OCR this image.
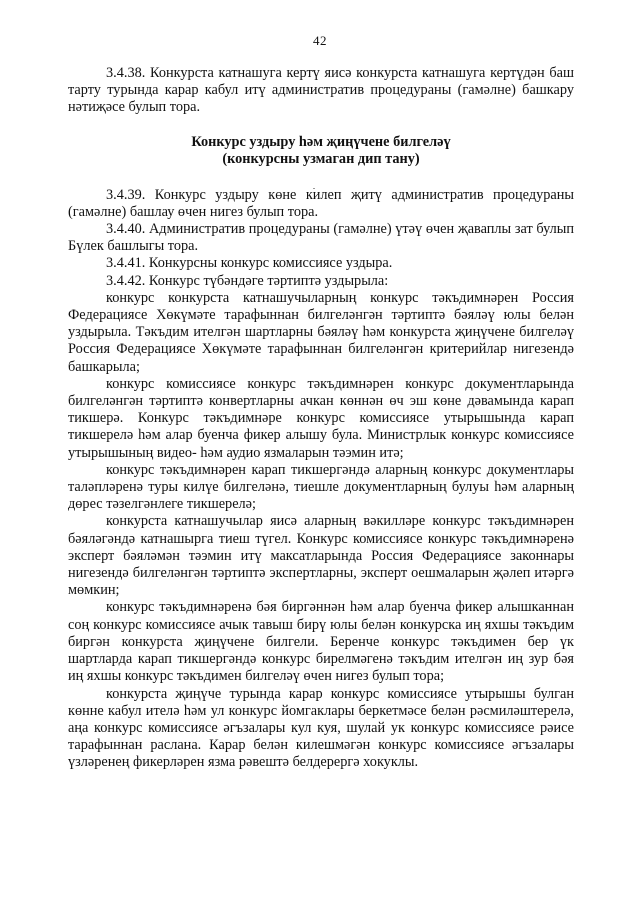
42

3.4.38. Конкурста катнашуга кертү яисә конкурста катнашуга кертүдән баш тарту турында карар кабул итү административ процедураны (гамәлне) башкару нәтиҗәсе булып тора.

Конкурс уздыру һәм җиңүчене билгеләү
(конкурсны узмаган дип тану)

3.4.39. Конкурс уздыру көне килеп җитү административ процедураны (гамәлне) башлау өчен нигез булып тора.

3.4.40. Административ процедураны (гамәлне) үтәү өчен җаваплы зат булып Бүлек башлыгы тора.

3.4.41. Конкурсны конкурс комиссиясе уздыра.

3.4.42. Конкурс түбәндәге тәртиптә уздырыла:

конкурс конкурста катнашучыларның конкурс тәкъдимнәрен Россия Федерациясе Хөкүмәте тарафыннан билгеләнгән тәртиптә бәяләү юлы белән уздырыла. Тәкъдим ителгән шартларны бәяләү һәм конкурста җиңүчене билгеләү Россия Федерациясе Хөкүмәте тарафыннан билгеләнгән критерийлар нигезендә башкарыла;

конкурс комиссиясе конкурс тәкъдимнәрен конкурс документларында билгеләнгән тәртиптә конвертларны ачкан көннән өч эш көне дәвамында карап тикшерә. Конкурс тәкъдимнәре конкурс комиссиясе утырышында карап тикшерелә һәм алар буенча фикер алышу була. Министрлык конкурс комиссиясе утырышының видео- һәм аудио язмаларын тәэмин итә;

конкурс тәкъдимнәрен карап тикшергәндә аларның конкурс документлары таләпләренә туры килүе билгеләнә, тиешле документларның булуы һәм аларның дөрес тәзелгәнлеге тикшерелә;

конкурста катнашучылар яисә аларның вәкилләре конкурс тәкъдимнәрен бәяләгәндә катнашырга тиеш түгел. Конкурс комиссиясе конкурс тәкъдимнәренә эксперт бәяләмән тәэмин итү максатларында Россия Федерациясе законнары нигезендә билгеләнгән тәртиптә экспертларны, эксперт оешмаларын җәлеп итәргә мөмкин;

конкурс тәкъдимнәренә бәя биргәннән һәм алар буенча фикер алышканнан соң конкурс комиссиясе ачык тавыш бирү юлы белән конкурска иң яхшы тәкъдим биргән конкурста җиңүчене билгели. Беренче конкурс тәкъдимен бер үк шартларда карап тикшергәндә конкурс бирелмәгенә тәкъдим ителгән иң зур бәя иң яхшы конкурс тәкъдимен билгеләү өчен нигез булып тора;

конкурста җиңүче турында карар конкурс комиссиясе утырышы булган көнне кабул ителә һәм ул конкурс йомгаклары беркетмәсе белән рәсмиләштерелә, аңа конкурс комиссиясе әгъзалары кул куя, шулай ук конкурс комиссиясе рәисе тарафыннан раслана. Карар белән килешмәгән конкурс комиссиясе әгъзалары үзләренең фикерләрен язма рәвештә белдерергә хокуклы.
